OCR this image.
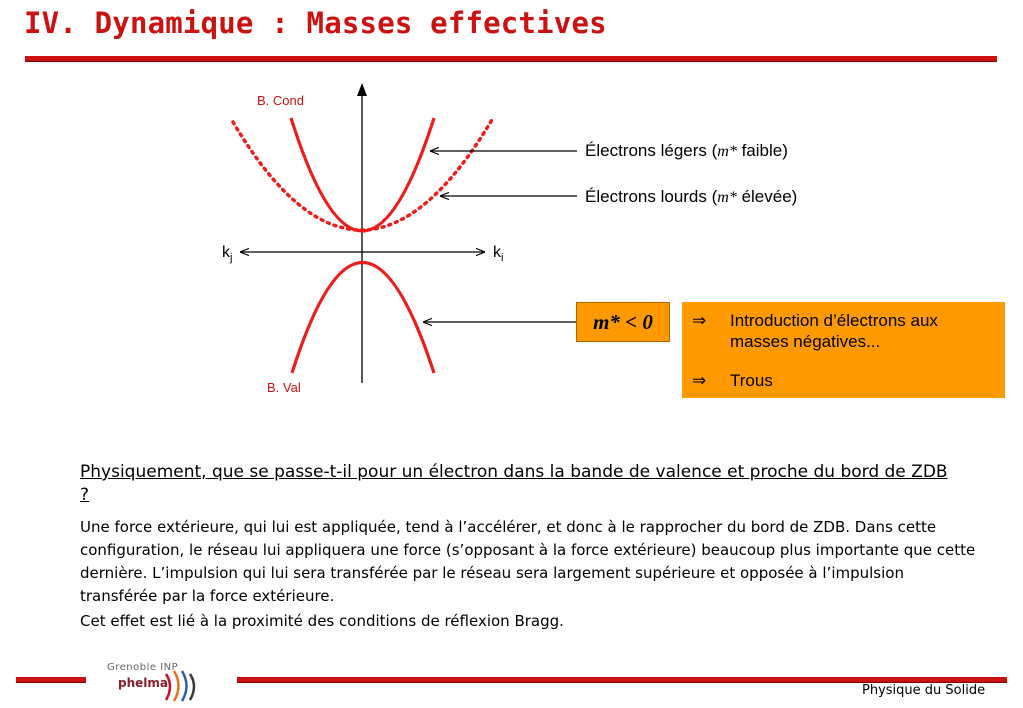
IV. Dynamique : Masses effectives
B. Cond
B. Val
$k_j$	$k_i$
Électrons légers (m* faible)
Électrons lourds (m* élevée)
m* < 0	⇒	Introduction d’électrons aux masses négatives...
⇒	Trous

Physiquement, que se passe-t-il pour un électron dans la bande de valence et proche du bord de ZDB ?

Une force extérieure, qui lui est appliquée, tend à l’accélérer, et donc à le rapprocher du bord de ZDB. Dans cette configuration, le réseau lui appliquera une force (s’opposant à la force extérieure) beaucoup plus importante que cette dernière. L’impulsion qui lui sera transférée par le réseau sera largement supérieure et opposée à l’impulsion transférée par la force extérieure.

Cet effet est lié à la proximité des conditions de réflexion Bragg.

Grenoble INP
phelma	Physique du Solide
